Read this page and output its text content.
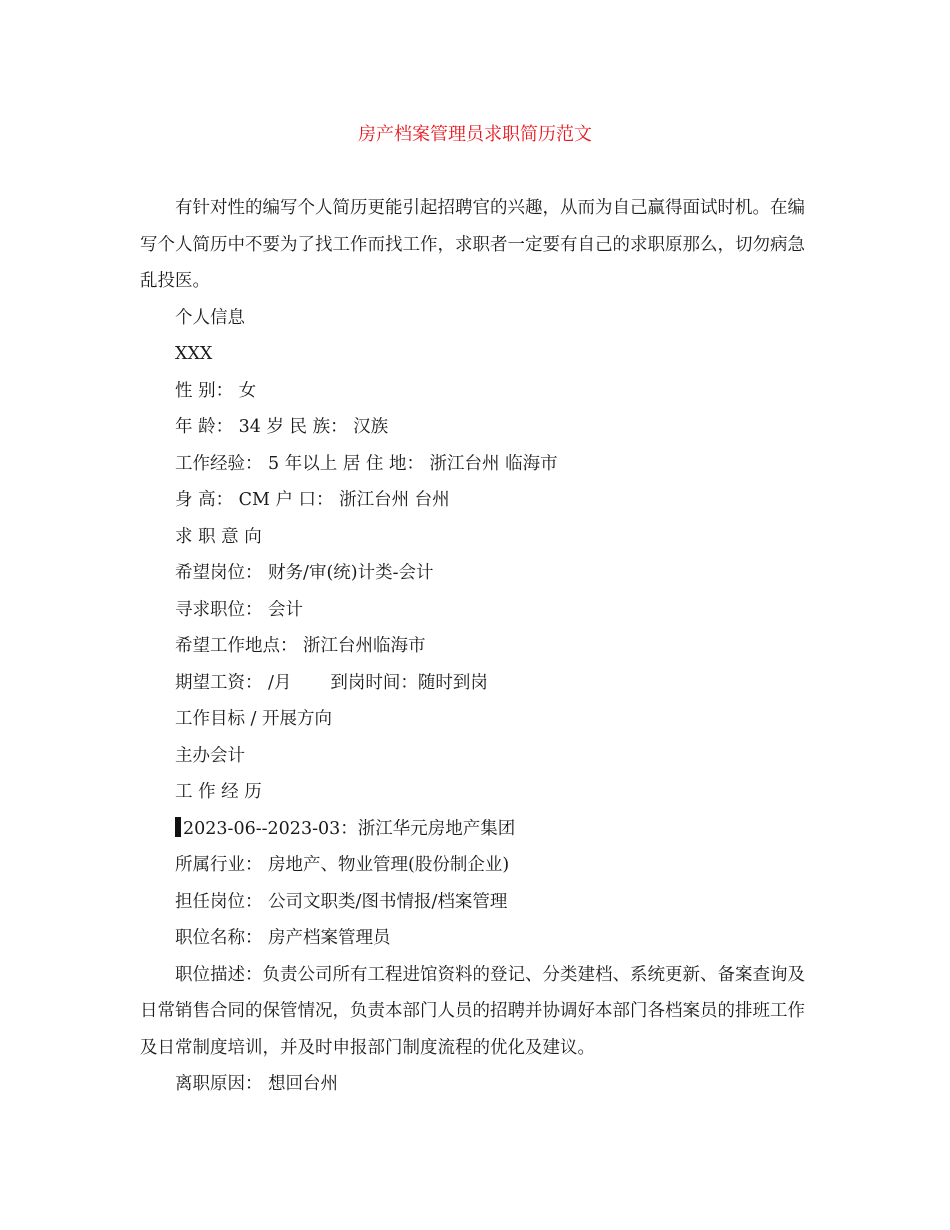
房产档案管理员求职简历范文

有针对性的编写个人简历更能引起招聘官的兴趣，从而为自己赢得面试时机。在编写个人简历中不要为了找工作而找工作，求职者一定要有自己的求职原那么，切勿病急乱投医。

个人信息

XXX

性 别： 女

年 龄： 34 岁 民 族： 汉族

工作经验： 5 年以上 居 住 地： 浙江台州 临海市

身 高： CM 户 口： 浙江台州 台州

求 职 意 向

希望岗位： 财务/审(统)计类-会计

寻求职位： 会计

希望工作地点： 浙江台州临海市

期望工资： /月       到岗时间：随时到岗

工作目标 / 开展方向

主办会计

工 作 经 历

2023-06--2023-03：浙江华元房地产集团

所属行业： 房地产、物业管理(股份制企业)

担任岗位： 公司文职类/图书情报/档案管理

职位名称： 房产档案管理员

职位描述：负责公司所有工程进馆资料的登记、分类建档、系统更新、备案查询及日常销售合同的保管情况，负责本部门人员的招聘并协调好本部门各档案员的排班工作及日常制度培训，并及时申报部门制度流程的优化及建议。

离职原因： 想回台州
